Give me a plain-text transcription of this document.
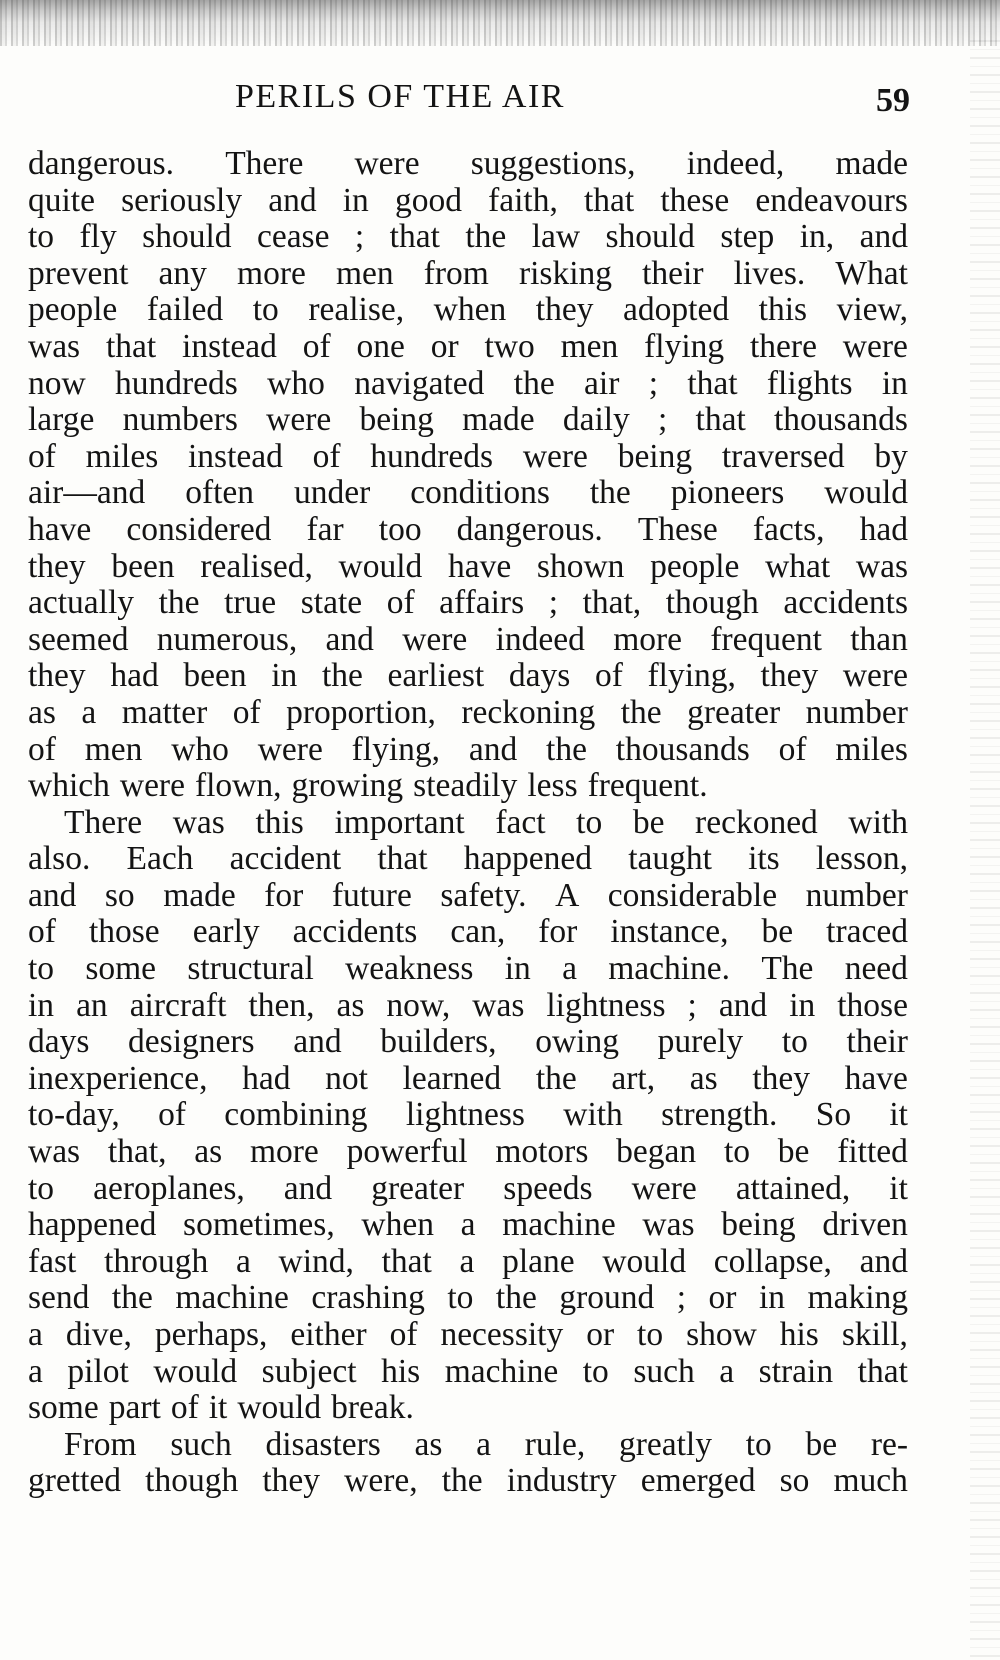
PERILS OF THE AIR	59
dangerous. There were suggestions, indeed, made
quite seriously and in good faith, that these endeavours
to fly should cease ; that the law should step in, and
prevent any more men from risking their lives. What
people failed to realise, when they adopted this view,
was that instead of one or two men flying there were
now hundreds who navigated the air ; that flights in
large numbers were being made daily ; that thousands
of miles instead of hundreds were being traversed by
air—and often under conditions the pioneers would
have considered far too dangerous. These facts, had
they been realised, would have shown people what was
actually the true state of affairs ; that, though accidents
seemed numerous, and were indeed more frequent than
they had been in the earliest days of flying, they were
as a matter of proportion, reckoning the greater number
of men who were flying, and the thousands of miles
which were flown, growing steadily less frequent.
There was this important fact to be reckoned with
also. Each accident that happened taught its lesson,
and so made for future safety. A considerable number
of those early accidents can, for instance, be traced
to some structural weakness in a machine. The need
in an aircraft then, as now, was lightness ; and in those
days designers and builders, owing purely to their
inexperience, had not learned the art, as they have
to-day, of combining lightness with strength. So it
was that, as more powerful motors began to be fitted
to aeroplanes, and greater speeds were attained, it
happened sometimes, when a machine was being driven
fast through a wind, that a plane would collapse, and
send the machine crashing to the ground ; or in making
a dive, perhaps, either of necessity or to show his skill,
a pilot would subject his machine to such a strain that
some part of it would break.
From such disasters as a rule, greatly to be re-
gretted though they were, the industry emerged so much
